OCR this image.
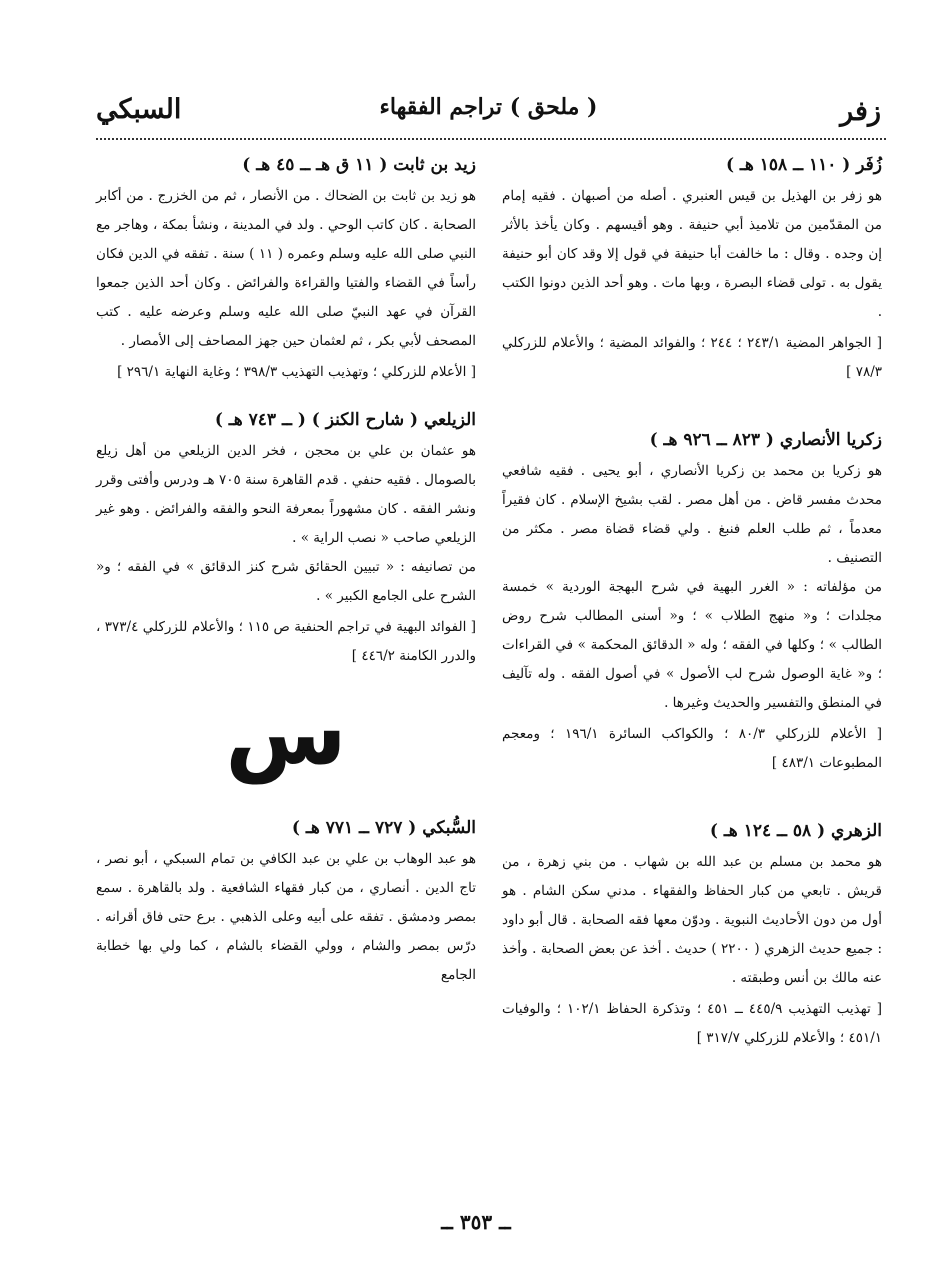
زفر
( ملحق ) تراجم الفقهاء
السبكي
زُفَر ( ١١٠ ــ ١٥٨ هـ )

هو زفر بن الهذيل بن قيس العنبري . أصله من أصبهان . فقيه إمام من المقدّمين من تلاميذ أبي حنيفة . وهو أقيسهم . وكان يأخذ بالأثر إن وجده . وقال : ما خالفت أبا حنيفة في قول إلا وقد كان أبو حنيفة يقول به . تولى قضاء البصرة ، وبها مات . وهو أحد الذين دونوا الكتب .

[ الجواهر المضية ٢٤٣/١ ؛ ٢٤٤ ؛ والفوائد المضية ؛ والأعلام للزركلي ٧٨/٣ ]

زكريا الأنصاري ( ٨٢٣ ــ ٩٢٦ هـ )

هو زكريا بن محمد بن زكريا الأنصاري ، أبو يحيى . فقيه شافعي محدث مفسر قاض . من أهل مصر . لقب بشيخ الإسلام . كان فقيراً معدماً ، ثم طلب العلم فنبغ . ولي قضاء قضاة مصر . مكثر من التصنيف .

من مؤلفاته : « الغرر البهية في شرح البهجة الوردية » خمسة مجلدات ؛ و« منهج الطلاب » ؛ و« أسنى المطالب شرح روض الطالب » ؛ وكلها في الفقه ؛ وله « الدقائق المحكمة » في القراءات ؛ و« غاية الوصول شرح لب الأصول » في أصول الفقه . وله تآليف في المنطق والتفسير والحديث وغيرها .

[ الأعلام للزركلي ٨٠/٣ ؛ والكواكب السائرة ١٩٦/١ ؛ ومعجم المطبوعات ٤٨٣/١ ]

الزهري ( ٥٨ ــ ١٢٤ هـ )

هو محمد بن مسلم بن عبد الله بن شهاب . من بني زهرة ، من قريش . تابعي من كبار الحفاظ والفقهاء . مدني سكن الشام . هو أول من دون الأحاديث النبوية . ودوّن معها فقه الصحابة . قال أبو داود : جميع حديث الزهري ( ٢٢٠٠ ) حديث . أخذ عن بعض الصحابة . وأخذ عنه مالك بن أنس وطبقته .

[ تهذيب التهذيب ٤٤٥/٩ ــ ٤٥١ ؛ وتذكرة الحفاظ ١٠٢/١ ؛ والوفيات ٤٥١/١ ؛ والأعلام للزركلي ٣١٧/٧ ]

زيد بن ثابت ( ١١ ق هـ ــ ٤٥ هـ )

هو زيد بن ثابت بن الضحاك . من الأنصار ، ثم من الخزرج . من أكابر الصحابة . كان كاتب الوحي . ولد في المدينة ، ونشأ بمكة ، وهاجر مع النبي صلى الله عليه وسلم وعمره ( ١١ ) سنة . تفقه في الدين فكان رأساً في القضاء والفتيا والقراءة والفرائض . وكان أحد الذين جمعوا القرآن في عهد النبيّ صلى الله عليه وسلم وعرضه عليه . كتب المصحف لأبي بكر ، ثم لعثمان حين جهز المصاحف إلى الأمصار .

[ الأعلام للزركلي ؛ وتهذيب التهذيب ٣٩٨/٣ ؛ وغاية النهاية ٢٩٦/١ ]

الزيلعي ( شارح الكنز ) ( ــ ٧٤٣ هـ )

هو عثمان بن علي بن محجن ، فخر الدين الزيلعي من أهل زيلع بالصومال . فقيه حنفي . قدم القاهرة سنة ٧٠٥ هـ ودرس وأفتى وقرر ونشر الفقه . كان مشهوراً بمعرفة النحو والفقه والفرائض . وهو غير الزيلعي صاحب « نصب الراية » .

من تصانيفه : « تبيين الحقائق شرح كنز الدقائق » في الفقه ؛ و« الشرح على الجامع الكبير » .

[ الفوائد البهية في تراجم الحنفية ص ١١٥ ؛ والأعلام للزركلي ٣٧٣/٤ ، والدرر الكامنة ٤٤٦/٢ ]

س
السُّبكي ( ٧٢٧ ــ ٧٧١ هـ )

هو عبد الوهاب بن علي بن عبد الكافي بن تمام السبكي ، أبو نصر ، تاج الدين . أنصاري ، من كبار فقهاء الشافعية . ولد بالقاهرة . سمع بمصر ودمشق . تفقه على أبيه وعلى الذهبي . برع حتى فاق أقرانه . درّس بمصر والشام ، وولي القضاء بالشام ، كما ولي بها خطابة الجامع

ــ ٣٥٣ ــ
